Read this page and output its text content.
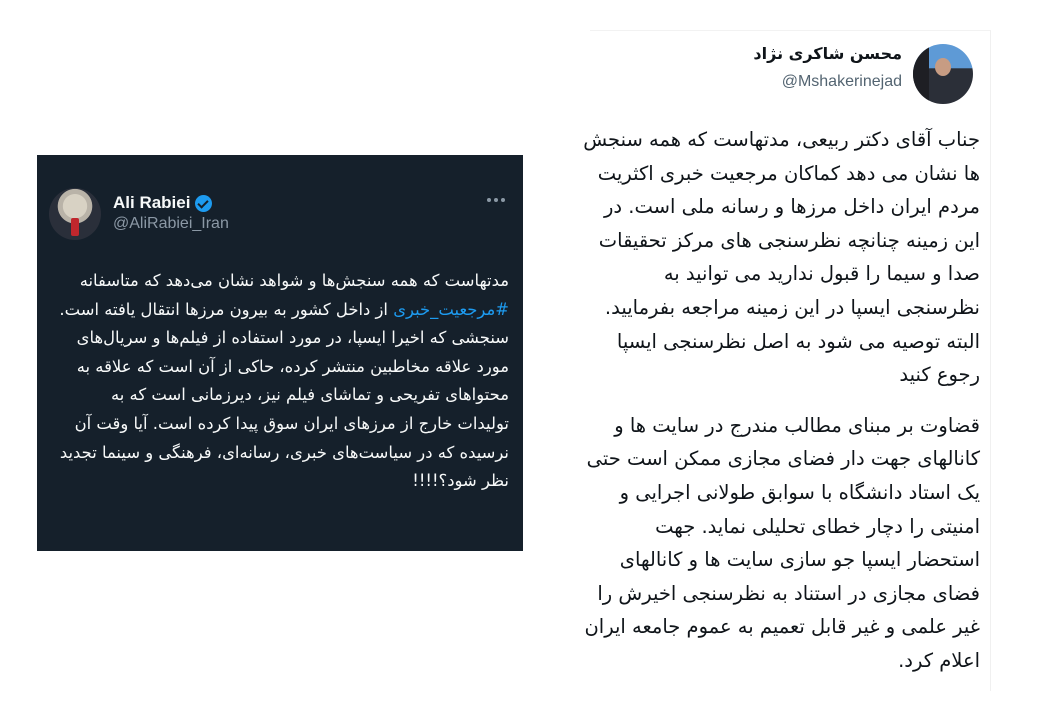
Ali Rabiei
@AliRabiei_Iran

مدتهاست که همه سنجش‌ها و شواهد نشان می‌دهد که متاسفانه #مرجعیت_خبری از داخل کشور به بیرون مرزها انتقال یافته است.

سنجشی که اخیرا ایسپا، در مورد استفاده از فیلم‌ها و سریال‌های مورد علاقه مخاطبین منتشر کرده، حاکی از آن است که علاقه به محتواهای تفریحی و تماشای فیلم نیز، دیرزمانی است که به تولیدات خارج از مرزهای ایران سوق پیدا کرده است. آیا وقت آن نرسیده که در سیاست‌های خبری، رسانه‌ای، فرهنگی و سینما تجدید نظر شود؟!!!!

محسن شاکری نژاد
@Mshakerinejad

جناب آقای دکتر ربیعی، مدتهاست که همه سنجش ها نشان می دهد کماکان مرجعیت خبری اکثریت مردم ایران داخل مرزها و رسانه ملی است. در این زمینه چنانچه نظرسنجی های مرکز تحقیقات صدا و سیما را قبول ندارید می توانید به نظرسنجی ایسپا در این زمینه مراجعه بفرمایید. البته توصیه می شود به اصل نظرسنجی ایسپا رجوع کنید

قضاوت بر مبنای مطالب مندرج در سایت ها و کانالهای جهت دار فضای مجازی ممکن است حتی یک استاد دانشگاه با سوابق طولانی اجرایی و امنیتی را دچار خطای تحلیلی نماید. جهت استحضار ایسپا جو سازی سایت ها و کانالهای فضای مجازی در استناد به نظرسنجی اخیرش را غیر علمی و غیر قابل تعمیم به عموم جامعه ایران اعلام کرد.
